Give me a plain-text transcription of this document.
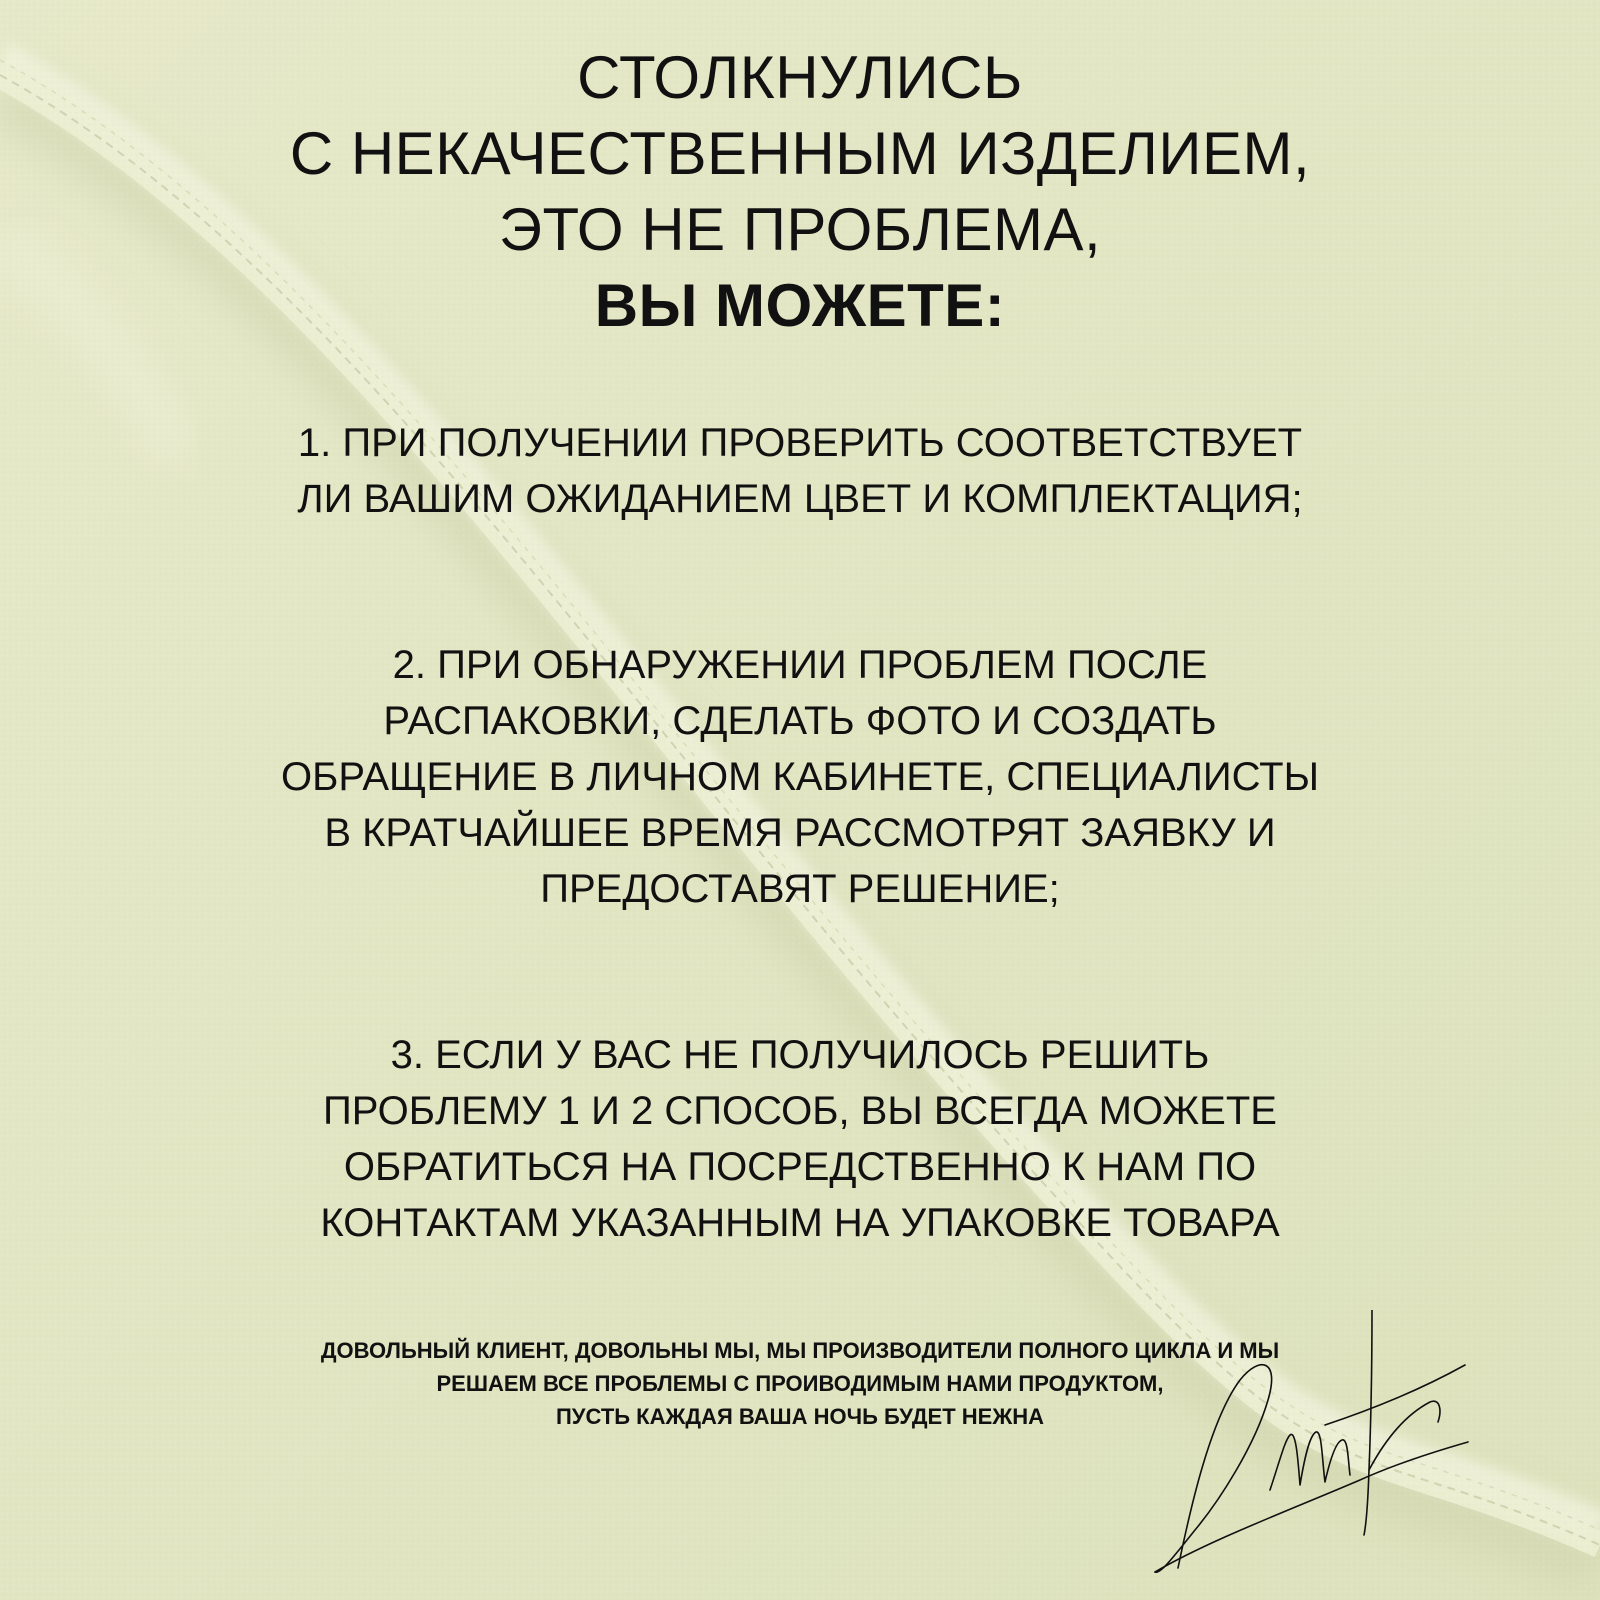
СТОЛКНУЛИСЬ
С НЕКАЧЕСТВЕННЫМ ИЗДЕЛИЕМ,
ЭТО НЕ ПРОБЛЕМА,
ВЫ МОЖЕТЕ:
1. ПРИ ПОЛУЧЕНИИ ПРОВЕРИТЬ СООТВЕТСТВУЕТ
ЛИ ВАШИМ ОЖИДАНИЕМ ЦВЕТ И КОМПЛЕКТАЦИЯ;
2. ПРИ ОБНАРУЖЕНИИ ПРОБЛЕМ ПОСЛЕ
РАСПАКОВКИ, СДЕЛАТЬ ФОТО И СОЗДАТЬ
ОБРАЩЕНИЕ В ЛИЧНОМ КАБИНЕТЕ, СПЕЦИАЛИСТЫ
В КРАТЧАЙШЕЕ ВРЕМЯ РАССМОТРЯТ ЗАЯВКУ И
ПРЕДОСТАВЯТ РЕШЕНИЕ;
3. ЕСЛИ У ВАС НЕ ПОЛУЧИЛОСЬ РЕШИТЬ
ПРОБЛЕМУ 1 И 2 СПОСОБ, ВЫ ВСЕГДА МОЖЕТЕ
ОБРАТИТЬСЯ НА ПОСРЕДСТВЕННО К НАМ ПО
КОНТАКТАМ УКАЗАННЫМ НА УПАКОВКЕ ТОВАРА
ДОВОЛЬНЫЙ КЛИЕНТ, ДОВОЛЬНЫ МЫ, МЫ ПРОИЗВОДИТЕЛИ ПОЛНОГО ЦИКЛА И МЫ
РЕШАЕМ ВСЕ ПРОБЛЕМЫ С ПРОИВОДИМЫМ НАМИ ПРОДУКТОМ,
ПУСТЬ КАЖДАЯ ВАША НОЧЬ БУДЕТ НЕЖНА
